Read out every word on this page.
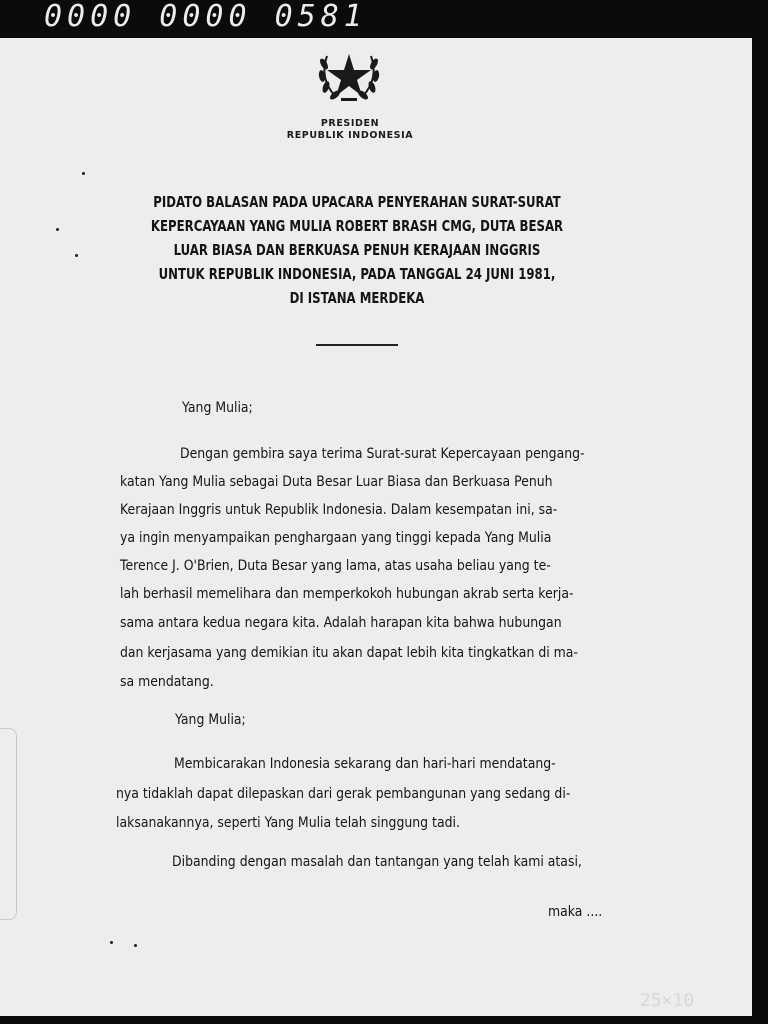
0000 0000 0581
PRESIDEN
REPUBLIK INDONESIA
PIDATO BALASAN PADA UPACARA PENYERAHAN SURAT-SURAT
KEPERCAYAAN YANG MULIA ROBERT BRASH CMG, DUTA BESAR
LUAR BIASA DAN BERKUASA PENUH KERAJAAN INGGRIS
UNTUK REPUBLIK INDONESIA, PADA TANGGAL 24 JUNI 1981,
DI ISTANA MERDEKA
Yang Mulia;
Dengan gembira saya terima Surat-surat Kepercayaan pengang-
katan Yang Mulia sebagai Duta Besar Luar Biasa dan Berkuasa Penuh
Kerajaan Inggris untuk Republik Indonesia. Dalam kesempatan ini, sa-
ya ingin menyampaikan penghargaan yang tinggi kepada Yang Mulia
Terence J. O'Brien, Duta Besar yang lama, atas usaha beliau yang te-
lah berhasil memelihara dan memperkokoh hubungan akrab serta kerja-
sama antara kedua negara kita. Adalah harapan kita bahwa hubungan
dan kerjasama yang demikian itu akan dapat lebih kita tingkatkan di ma-
sa mendatang.
Yang Mulia;
Membicarakan Indonesia sekarang dan hari-hari mendatang-
nya tidaklah dapat dilepaskan dari gerak pembangunan yang sedang di-
laksanakannya, seperti Yang Mulia telah singgung tadi.
Dibanding dengan masalah dan tantangan yang telah kami atasi,
maka ....
25×10
